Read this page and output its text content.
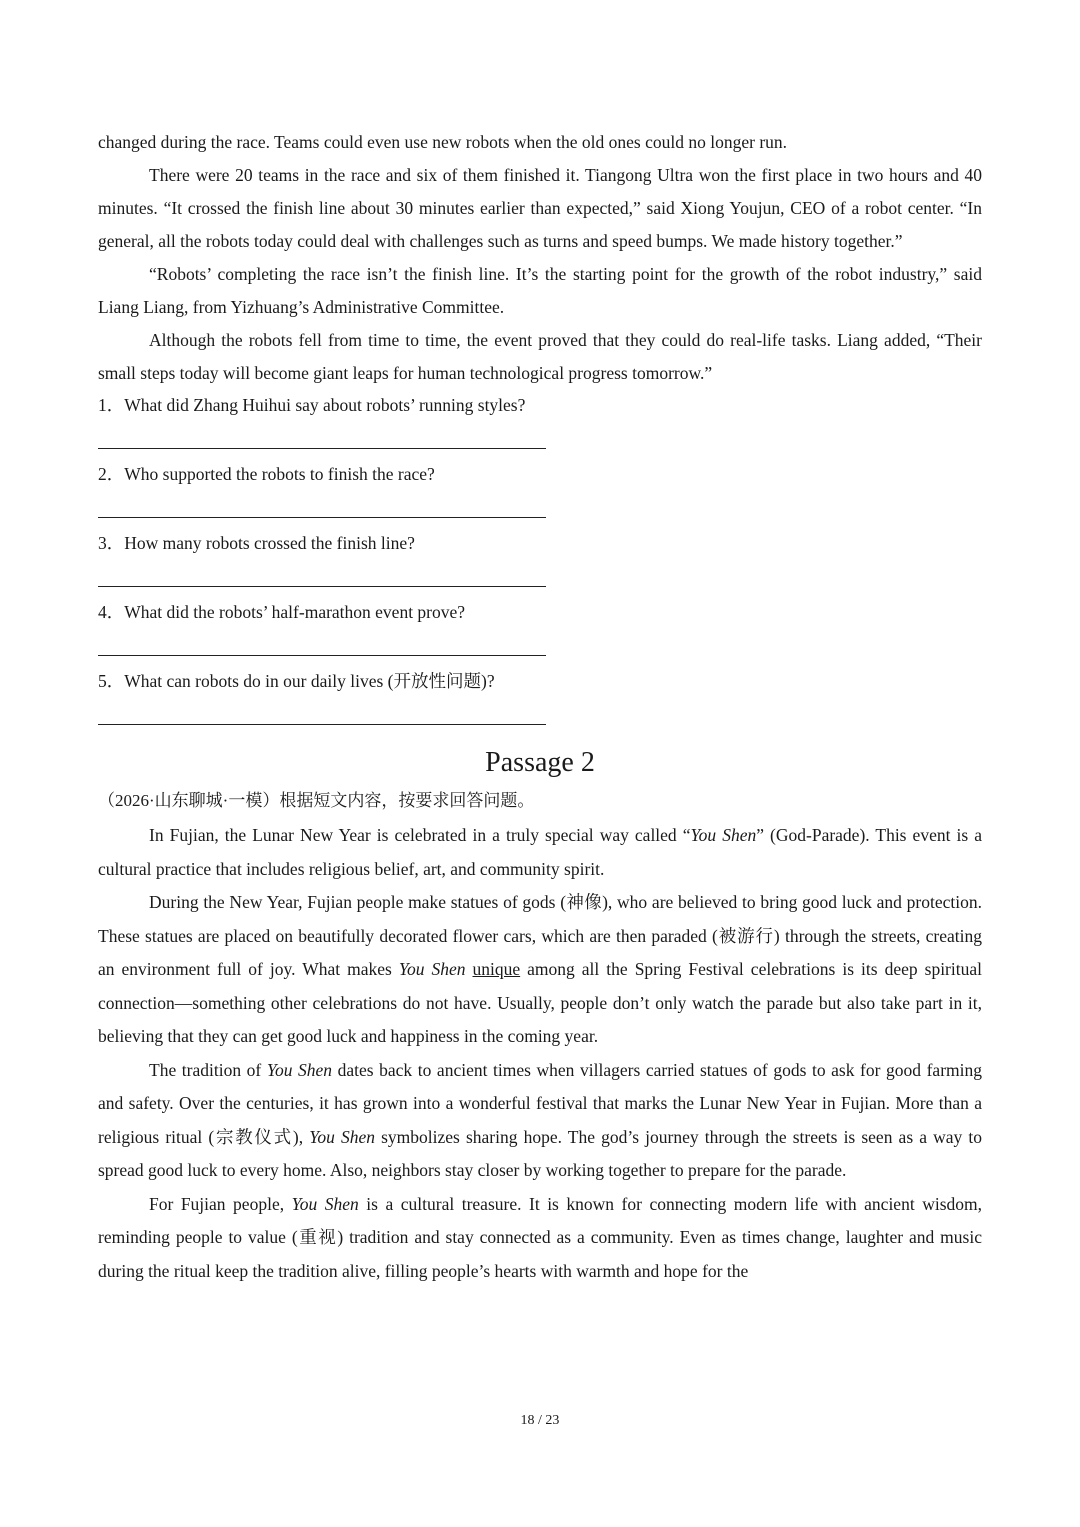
changed during the race. Teams could even use new robots when the old ones could no longer run.

There were 20 teams in the race and six of them finished it. Tiangong Ultra won the first place in two hours and 40 minutes. “It crossed the finish line about 30 minutes earlier than expected,” said Xiong Youjun, CEO of a robot center. “In general, all the robots today could deal with challenges such as turns and speed bumps. We made history together.”

“Robots’ completing the race isn’t the finish line. It’s the starting point for the growth of the robot industry,” said Liang Liang, from Yizhuang’s Administrative Committee.

Although the robots fell from time to time, the event proved that they could do real-life tasks. Liang added, “Their small steps today will become giant leaps for human technological progress tomorrow.”

1．What did Zhang Huihui say about robots’ running styles?
2．Who supported the robots to finish the race?
3．How many robots crossed the finish line?
4．What did the robots’ half-marathon event prove?
5．What can robots do in our daily lives (开放性问题)?
Passage 2
（2026·山东聊城·一模）根据短文内容，按要求回答问题。

In Fujian, the Lunar New Year is celebrated in a truly special way called “You Shen” (God-Parade). This event is a cultural practice that includes religious belief, art, and community spirit.

During the New Year, Fujian people make statues of gods (神像), who are believed to bring good luck and protection. These statues are placed on beautifully decorated flower cars, which are then paraded (被游行) through the streets, creating an environment full of joy. What makes You Shen unique among all the Spring Festival celebrations is its deep spiritual connection—something other celebrations do not have. Usually, people don’t only watch the parade but also take part in it, believing that they can get good luck and happiness in the coming year.

The tradition of You Shen dates back to ancient times when villagers carried statues of gods to ask for good farming and safety. Over the centuries, it has grown into a wonderful festival that marks the Lunar New Year in Fujian. More than a religious ritual (宗教仪式), You Shen symbolizes sharing hope. The god’s journey through the streets is seen as a way to spread good luck to every home. Also, neighbors stay closer by working together to prepare for the parade.

For Fujian people, You Shen is a cultural treasure. It is known for connecting modern life with ancient wisdom, reminding people to value (重视) tradition and stay connected as a community. Even as times change, laughter and music during the ritual keep the tradition alive, filling people’s hearts with warmth and hope for the

18 / 23
